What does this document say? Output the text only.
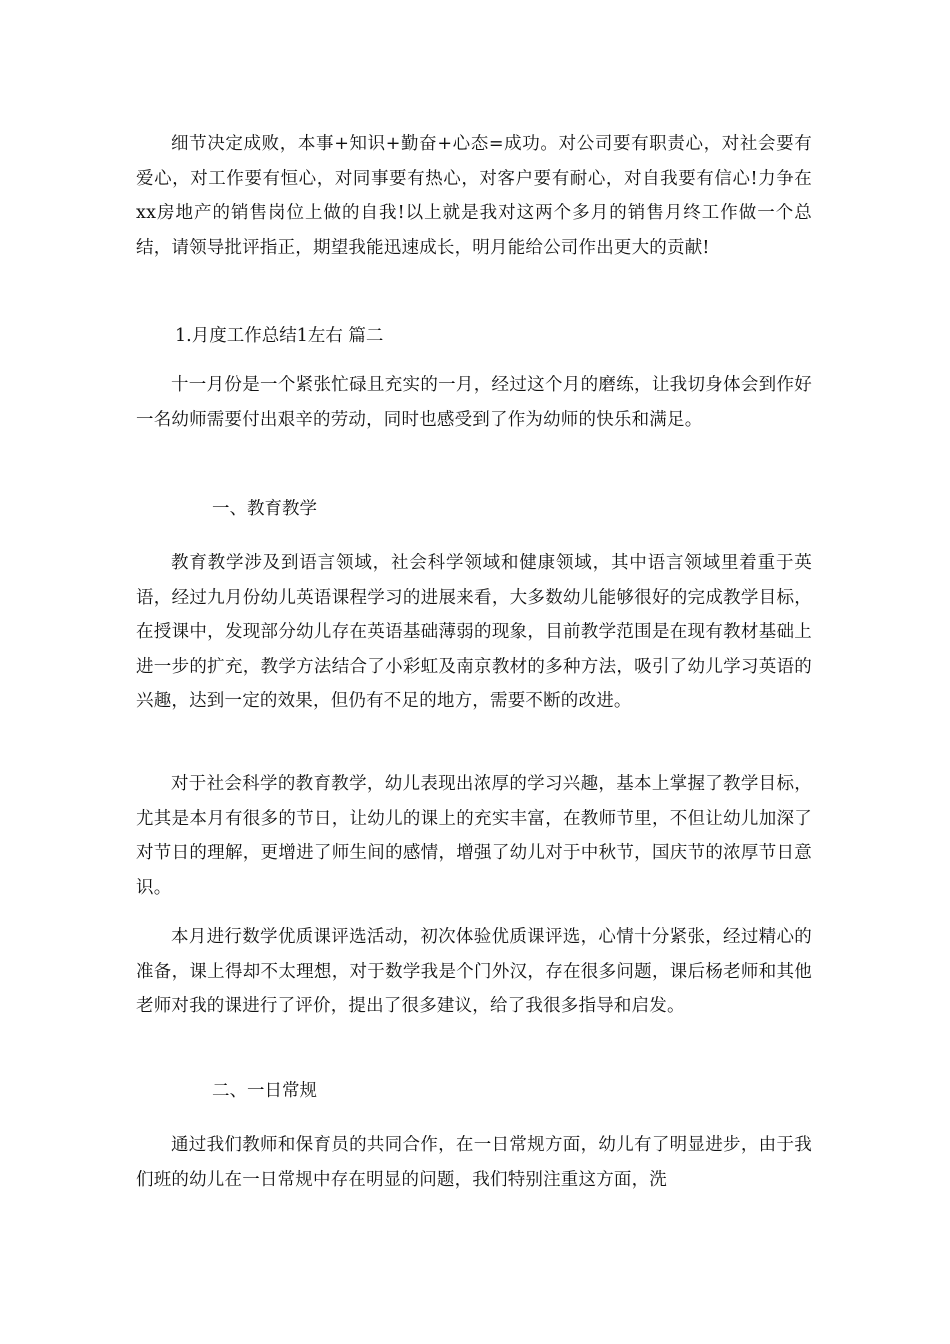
细节决定成败，本事+知识+勤奋+心态=成功。对公司要有职责心，对社会要有爱心，对工作要有恒心，对同事要有热心，对客户要有耐心，对自我要有信心!力争在xx房地产的销售岗位上做的自我!以上就是我对这两个多月的销售月终工作做一个总结，请领导批评指正，期望我能迅速成长，明月能给公司作出更大的贡献!

1.月度工作总结1左右 篇二

十一月份是一个紧张忙碌且充实的一月，经过这个月的磨练，让我切身体会到作好一名幼师需要付出艰辛的劳动，同时也感受到了作为幼师的快乐和满足。

一、教育教学

教育教学涉及到语言领域，社会科学领域和健康领域，其中语言领域里着重于英语，经过九月份幼儿英语课程学习的进展来看，大多数幼儿能够很好的完成教学目标，在授课中，发现部分幼儿存在英语基础薄弱的现象，目前教学范围是在现有教材基础上进一步的扩充，教学方法结合了小彩虹及南京教材的多种方法，吸引了幼儿学习英语的兴趣，达到一定的效果，但仍有不足的地方，需要不断的改进。

对于社会科学的教育教学，幼儿表现出浓厚的学习兴趣，基本上掌握了教学目标，尤其是本月有很多的节日，让幼儿的课上的充实丰富，在教师节里，不但让幼儿加深了对节日的理解，更增进了师生间的感情，增强了幼儿对于中秋节，国庆节的浓厚节日意识。

本月进行数学优质课评选活动，初次体验优质课评选，心情十分紧张，经过精心的准备，课上得却不太理想，对于数学我是个门外汉，存在很多问题，课后杨老师和其他老师对我的课进行了评价，提出了很多建议，给了我很多指导和启发。

二、一日常规

通过我们教师和保育员的共同合作，在一日常规方面，幼儿有了明显进步，由于我们班的幼儿在一日常规中存在明显的问题，我们特别注重这方面，洗
